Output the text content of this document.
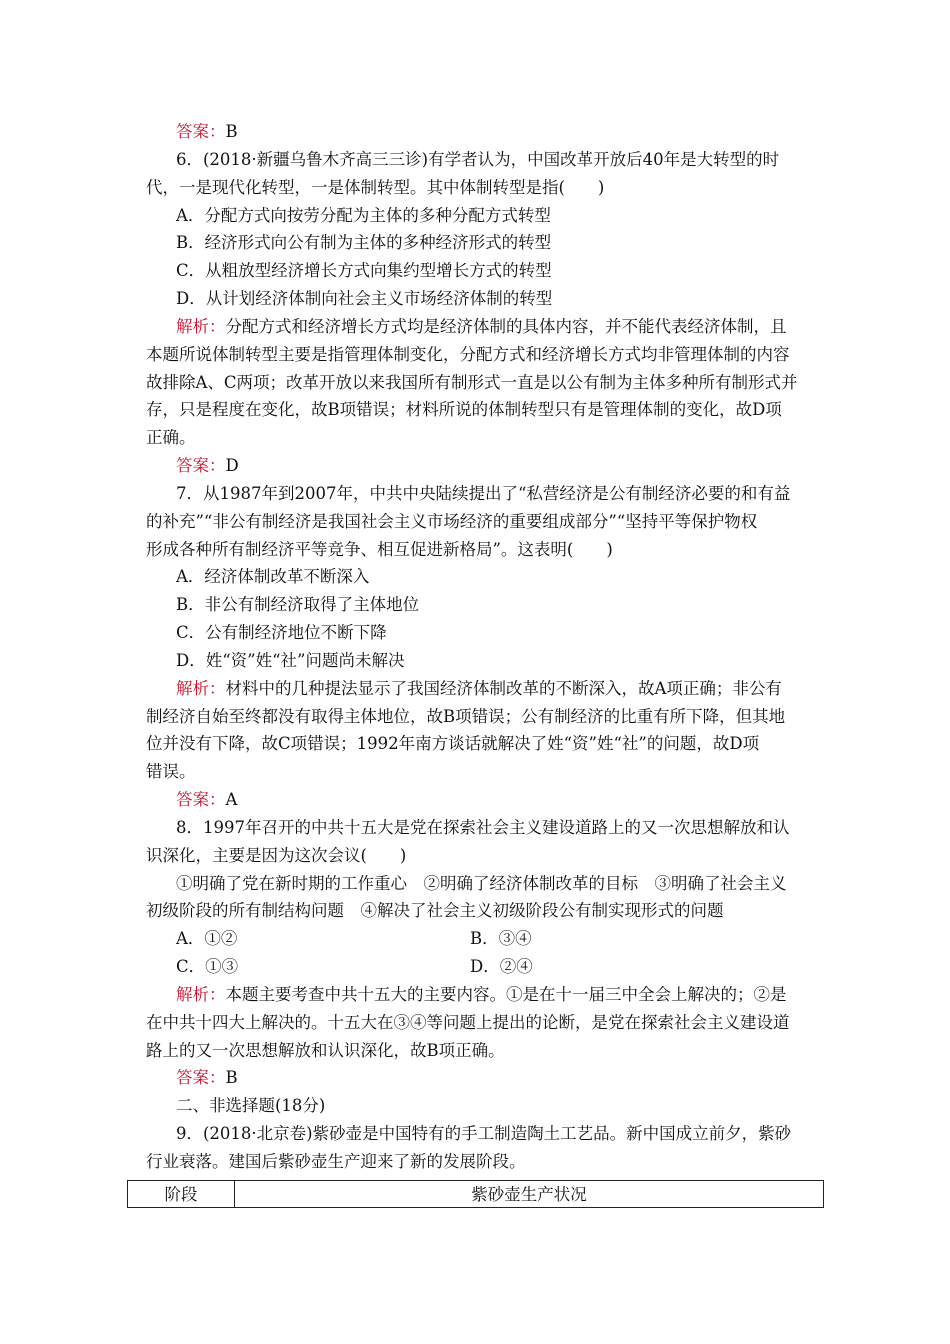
答案：B
6．(2018·新疆乌鲁木齐高三三诊)有学者认为，中国改革开放后40年是大转型的时
代，一是现代化转型，一是体制转型。其中体制转型是指(　　)
A．分配方式向按劳分配为主体的多种分配方式转型
B．经济形式向公有制为主体的多种经济形式的转型
C．从粗放型经济增长方式向集约型增长方式的转型
D．从计划经济体制向社会主义市场经济体制的转型
解析：分配方式和经济增长方式均是经济体制的具体内容，并不能代表经济体制，且
本题所说体制转型主要是指管理体制变化，分配方式和经济增长方式均非管理体制的内容
故排除A、C两项；改革开放以来我国所有制形式一直是以公有制为主体多种所有制形式并
存，只是程度在变化，故B项错误；材料所说的体制转型只有是管理体制的变化，故D项
正确。
答案：D
7．从1987年到2007年，中共中央陆续提出了“私营经济是公有制经济必要的和有益
的补充”“非公有制经济是我国社会主义市场经济的重要组成部分”“坚持平等保护物权
形成各种所有制经济平等竞争、相互促进新格局”。这表明(　　)
A．经济体制改革不断深入
B．非公有制经济取得了主体地位
C．公有制经济地位不断下降
D．姓“资”姓“社”问题尚未解决
解析：材料中的几种提法显示了我国经济体制改革的不断深入，故A项正确；非公有
制经济自始至终都没有取得主体地位，故B项错误；公有制经济的比重有所下降，但其地
位并没有下降，故C项错误；1992年南方谈话就解决了姓“资”姓“社”的问题，故D项
错误。
答案：A
8．1997年召开的中共十五大是党在探索社会主义建设道路上的又一次思想解放和认
识深化，主要是因为这次会议(　　)
①明确了党在新时期的工作重心　②明确了经济体制改革的目标　③明确了社会主义
初级阶段的所有制结构问题　④解决了社会主义初级阶段公有制实现形式的问题
A．①②	B．③④
C．①③	D．②④
解析：本题主要考查中共十五大的主要内容。①是在十一届三中全会上解决的；②是
在中共十四大上解决的。十五大在③④等问题上提出的论断，是党在探索社会主义建设道
路上的又一次思想解放和认识深化，故B项正确。
答案：B
二、非选择题(18分)
9．(2018·北京卷)紫砂壶是中国特有的手工制造陶土工艺品。新中国成立前夕，紫砂
行业衰落。建国后紫砂壶生产迎来了新的发展阶段。
阶段	紫砂壶生产状况
